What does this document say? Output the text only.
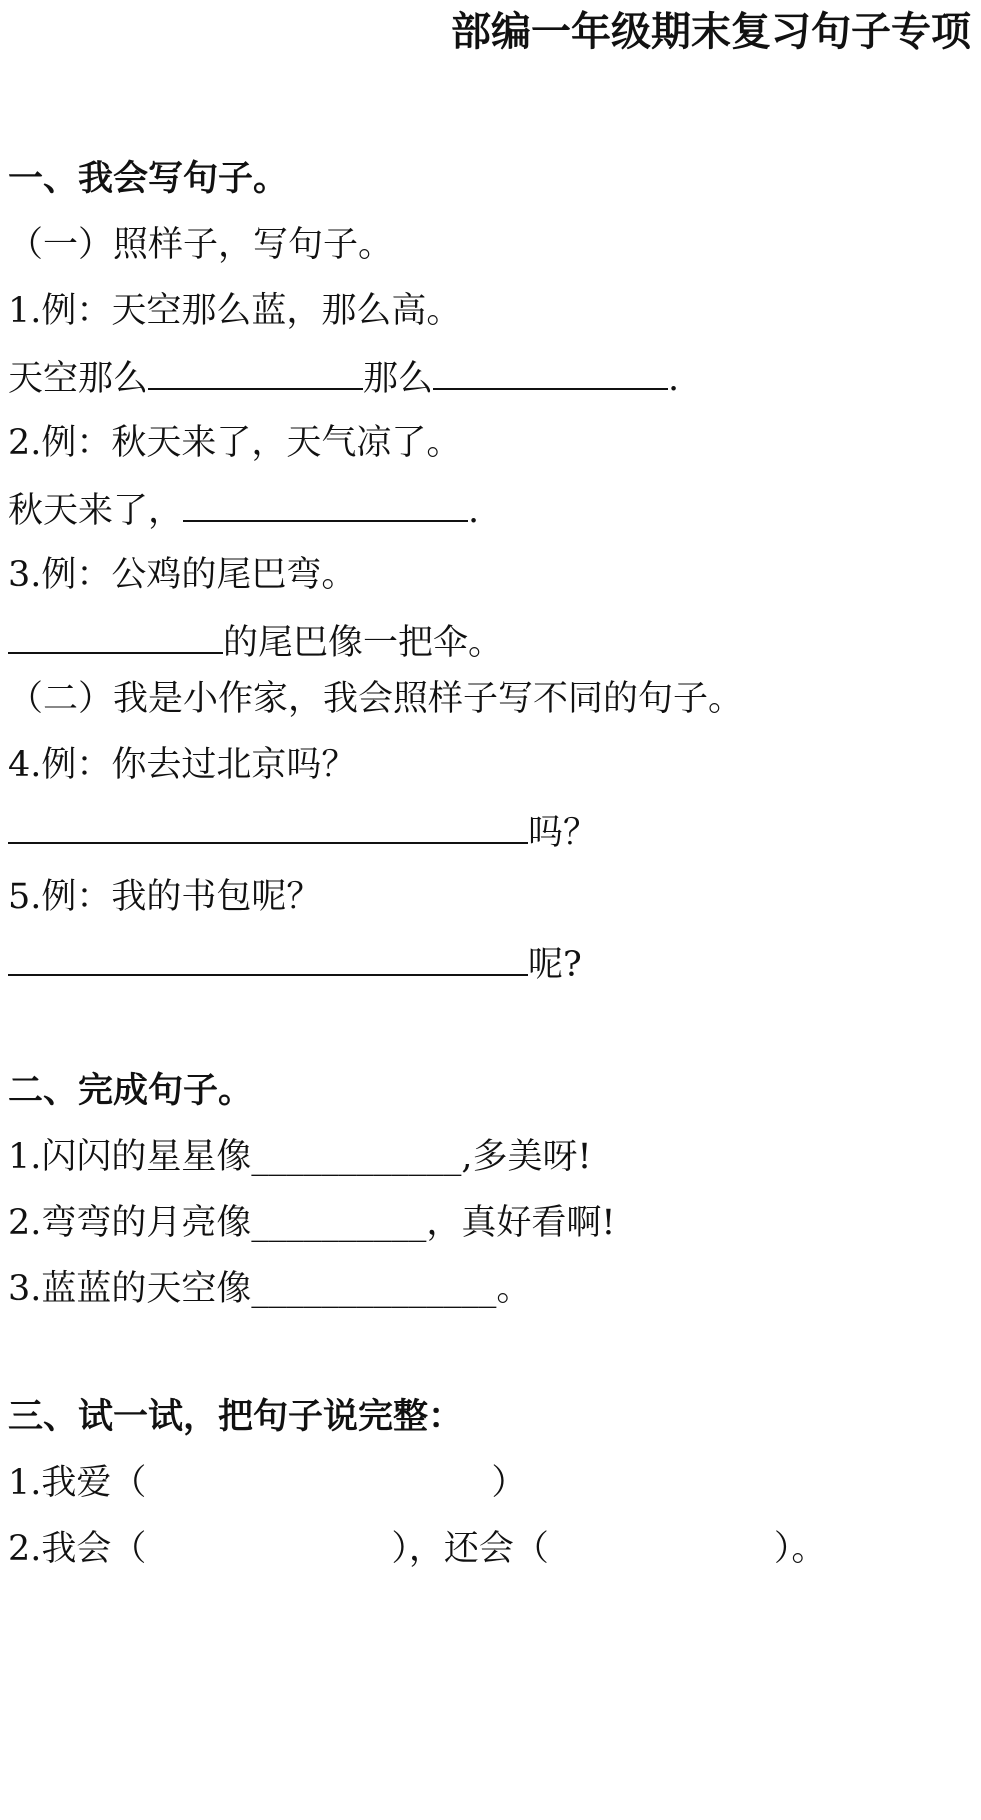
部编一年级期末复习句子专项
一、我会写句子。
（一）照样子，写句子。
1.例：天空那么蓝，那么高。
天空那么	那么	.
2.例：秋天来了，天气凉了。
秋天来了，	.
3.例：公鸡的尾巴弯。
的尾巴像一把伞。
（二）我是小作家，我会照样子写不同的句子。
4.例：你去过北京吗？
吗？
5.例：我的书包呢？
呢?
二、完成句子。
1.闪闪的星星像____________,多美呀!
2.弯弯的月亮像__________，真好看啊!
3.蓝蓝的天空像______________。
三、试一试，把句子说完整：
1.我爱（	）
2.我会（	），还会（	）。
